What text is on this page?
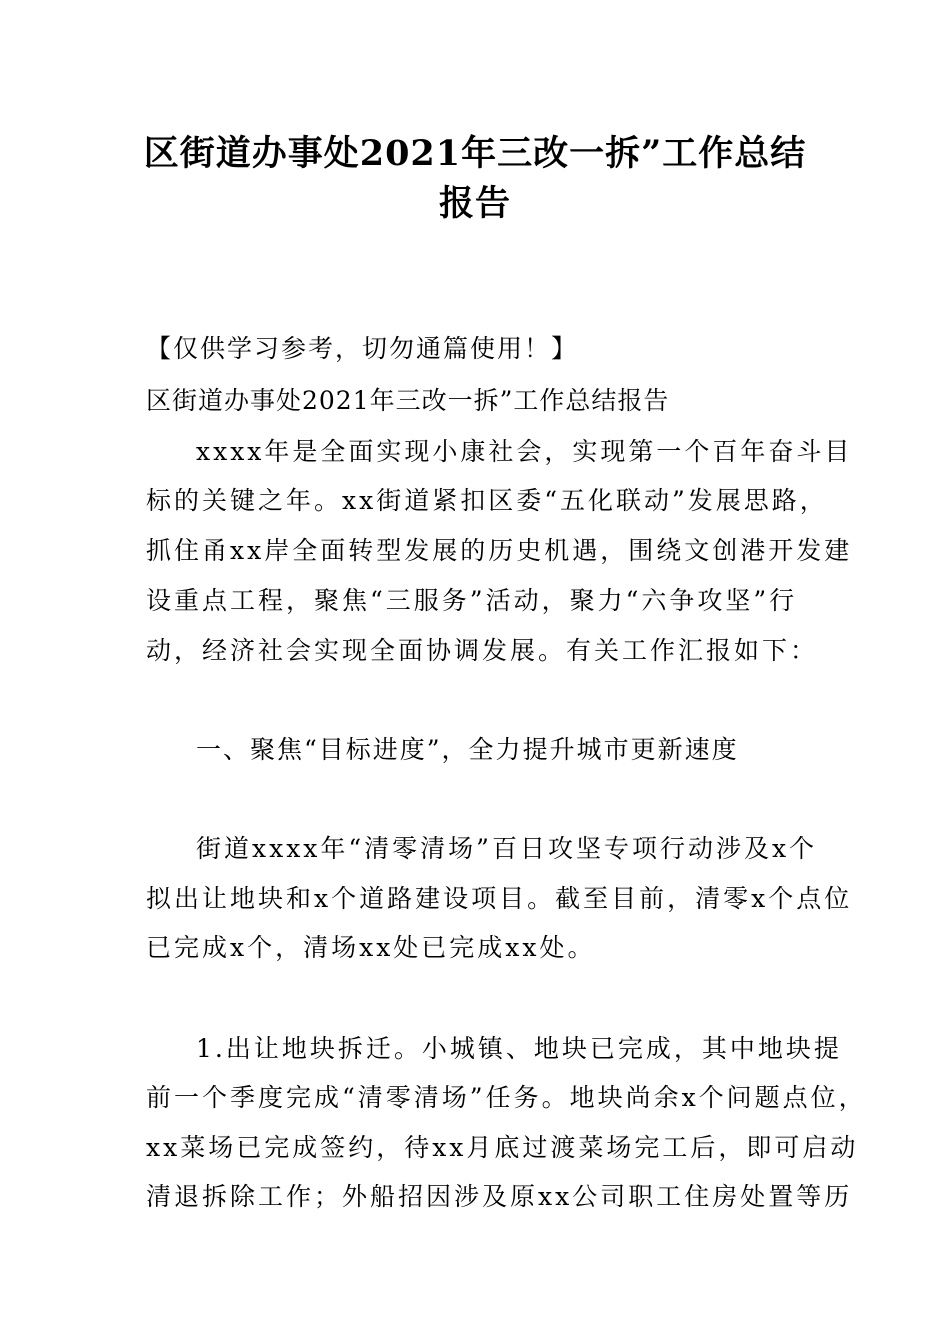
区街道办事处2021年三改一拆”工作总结
报告
【仅供学习参考，切勿通篇使用！】
区街道办事处2021年三改一拆”工作总结报告
xxxx年是全面实现小康社会，实现第一个百年奋斗目
标的关键之年。xx街道紧扣区委“五化联动”发展思路，
抓住甬xx岸全面转型发展的历史机遇，围绕文创港开发建
设重点工程，聚焦“三服务”活动，聚力“六争攻坚”行
动，经济社会实现全面协调发展。有关工作汇报如下：
一、聚焦“目标进度”，全力提升城市更新速度
街道xxxx年“清零清场”百日攻坚专项行动涉及x个
拟出让地块和x个道路建设项目。截至目前，清零x个点位
已完成x个，清场xx处已完成xx处。
1.出让地块拆迁。小城镇、地块已完成，其中地块提
前一个季度完成“清零清场”任务。地块尚余x个问题点位，
xx菜场已完成签约，待xx月底过渡菜场完工后，即可启动
清退拆除工作；外船招因涉及原xx公司职工住房处置等历
